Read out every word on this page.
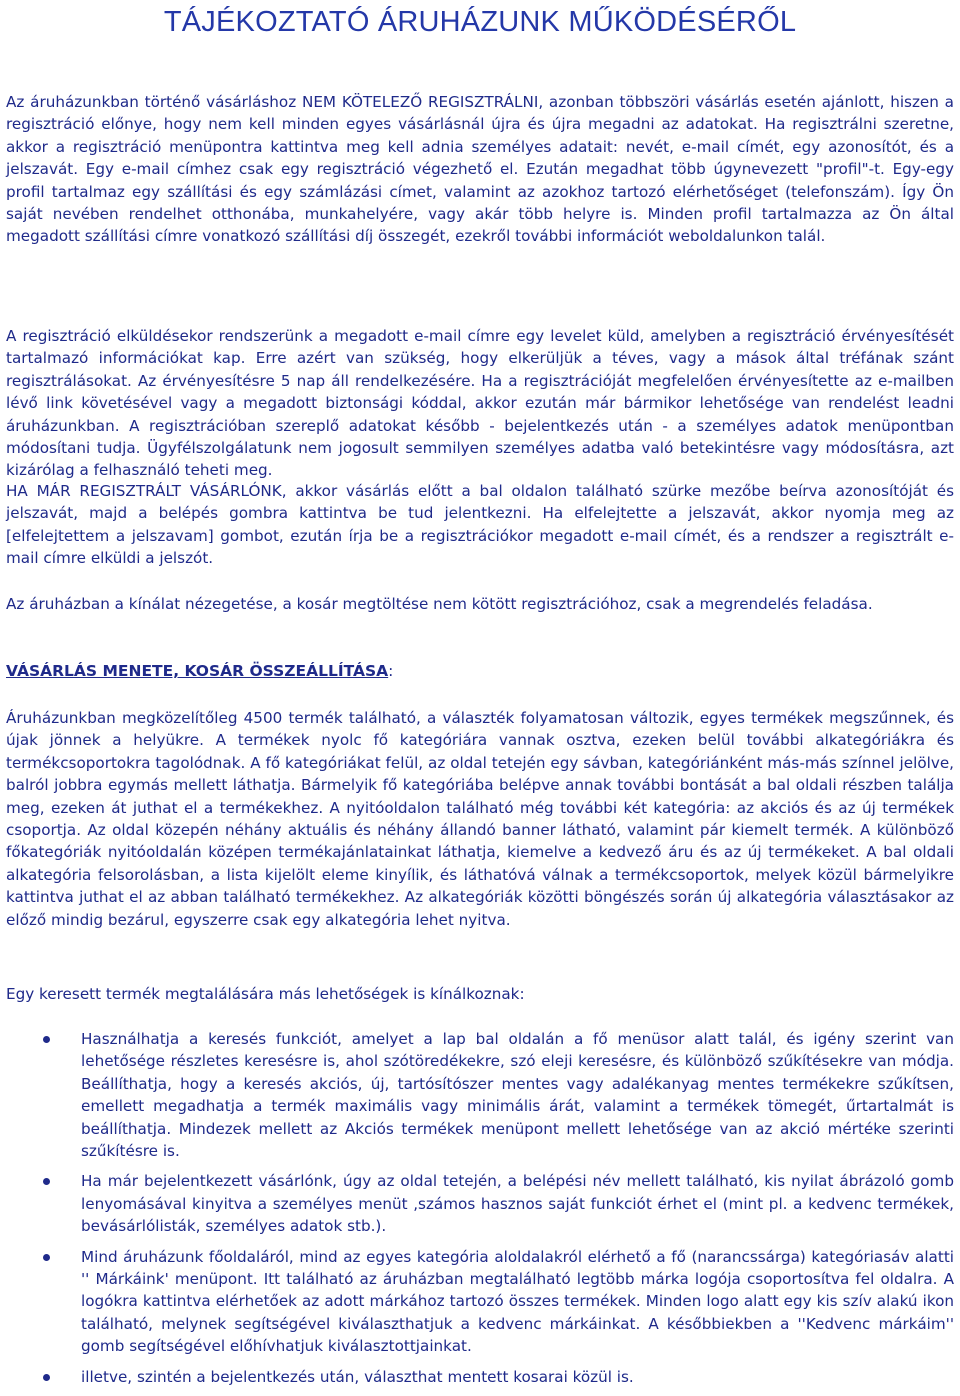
TÁJÉKOZTATÓ ÁRUHÁZUNK MŰKÖDÉSÉRŐL

Az áruházunkban történő vásárláshoz NEM KÖTELEZŐ REGISZTRÁLNI, azonban többszöri vásárlás esetén ajánlott, hiszen a regisztráció előnye, hogy nem kell minden egyes vásárlásnál újra és újra megadni az adatokat. Ha regisztrálni szeretne, akkor a regisztráció menüpontra kattintva meg kell adnia személyes adatait: nevét, e-mail címét, egy azonosítót, és a jelszavát. Egy e-mail címhez csak egy regisztráció végezhető el. Ezután megadhat több úgynevezett "profil"-t. Egy-egy profil tartalmaz egy szállítási és egy számlázási címet, valamint az azokhoz tartozó elérhetőséget (telefonszám). Így Ön saját nevében rendelhet otthonába, munkahelyére, vagy akár több helyre is. Minden profil tartalmazza az Ön által megadott szállítási címre vonatkozó szállítási díj összegét, ezekről további információt weboldalunkon talál.

A regisztráció elküldésekor rendszerünk a megadott e-mail címre egy levelet küld, amelyben a regisztráció érvényesítését tartalmazó információkat kap. Erre azért van szükség, hogy elkerüljük a téves, vagy a mások által tréfának szánt regisztrálásokat. Az érvényesítésre 5 nap áll rendelkezésére. Ha a regisztrációját megfelelően érvényesítette az e-mailben lévő link követésével vagy a megadott biztonsági kóddal, akkor ezután már bármikor lehetősége van rendelést leadni áruházunkban. A regisztrációban szereplő adatokat később - bejelentkezés után - a személyes adatok menüpontban módosítani tudja. Ügyfélszolgálatunk nem jogosult semmilyen személyes adatba való betekintésre vagy módosításra, azt kizárólag a felhasználó teheti meg.

HA MÁR REGISZTRÁLT VÁSÁRLÓNK, akkor vásárlás előtt a bal oldalon található szürke mezőbe beírva azonosítóját és jelszavát, majd a belépés gombra kattintva be tud jelentkezni. Ha elfelejtette a jelszavát, akkor nyomja meg az [elfelejtettem a jelszavam] gombot, ezután írja be a regisztrációkor megadott e-mail címét, és a rendszer a regisztrált e-mail címre elküldi a jelszót.

Az áruházban a kínálat nézegetése, a kosár megtöltése nem kötött regisztrációhoz, csak a megrendelés feladása.

VÁSÁRLÁS MENETE, KOSÁR ÖSSZEÁLLÍTÁSA:

Áruházunkban megközelítőleg 4500 termék található, a választék folyamatosan változik, egyes termékek megszűnnek, és újak jönnek a helyükre. A termékek nyolc fő kategóriára vannak osztva, ezeken belül további alkategóriákra és termékcsoportokra tagolódnak. A fő kategóriákat felül, az oldal tetején egy sávban, kategóriánként más-más színnel jelölve, balról jobbra egymás mellett láthatja. Bármelyik fő kategóriába belépve annak további bontását a bal oldali részben találja meg, ezeken át juthat el a termékekhez. A nyitóoldalon található még további két kategória: az akciós és az új termékek csoportja. Az oldal közepén néhány aktuális és néhány állandó banner látható, valamint pár kiemelt termék. A különböző főkategóriák nyitóoldalán középen termékajánlatainkat láthatja, kiemelve a kedvező áru és az új termékeket. A bal oldali alkategória felsorolásban, a lista kijelölt eleme kinyílik, és láthatóvá válnak a termékcsoportok, melyek közül bármelyikre kattintva juthat el az abban található termékekhez. Az alkategóriák közötti böngészés során új alkategória választásakor az előző mindig bezárul, egyszerre csak egy alkategória lehet nyitva.

Egy keresett termék megtalálására más lehetőségek is kínálkoznak:

Használhatja a keresés funkciót, amelyet a lap bal oldalán a fő menüsor alatt talál, és igény szerint van lehetősége részletes keresésre is, ahol szótöredékekre, szó eleji keresésre, és különböző szűkítésekre van módja. Beállíthatja, hogy a keresés akciós, új, tartósítószer mentes vagy adalékanyag mentes termékekre szűkítsen, emellett megadhatja a termék maximális vagy minimális árát, valamint a termékek tömegét, űrtartalmát is beállíthatja. Mindezek mellett az Akciós termékek menüpont mellett lehetősége van az akció mértéke szerinti szűkítésre is.
Ha már bejelentkezett vásárlónk, úgy az oldal tetején, a belépési név mellett található, kis nyilat ábrázoló gomb lenyomásával kinyitva a személyes menüt ,számos hasznos saját funkciót érhet el (mint pl. a kedvenc termékek, bevásárlólisták, személyes adatok stb.).
Mind áruházunk főoldaláról, mind az egyes kategória aloldalakról elérhető a fő (narancssárga) kategóriasáv alatti '' Márkáink' menüpont. Itt található az áruházban megtalálható legtöbb márka logója csoportosítva fel oldalra. A logókra kattintva elérhetőek az adott márkához tartozó összes termékek. Minden logo alatt egy kis szív alakú ikon található, melynek segítségével kiválaszthatjuk a kedvenc márkáinkat. A későbbiekben a ''Kedvenc márkáim'' gomb segítségével előhívhatjuk kiválasztottjainkat.
illetve, szintén a bejelentkezés után, választhat mentett kosarai közül is.
